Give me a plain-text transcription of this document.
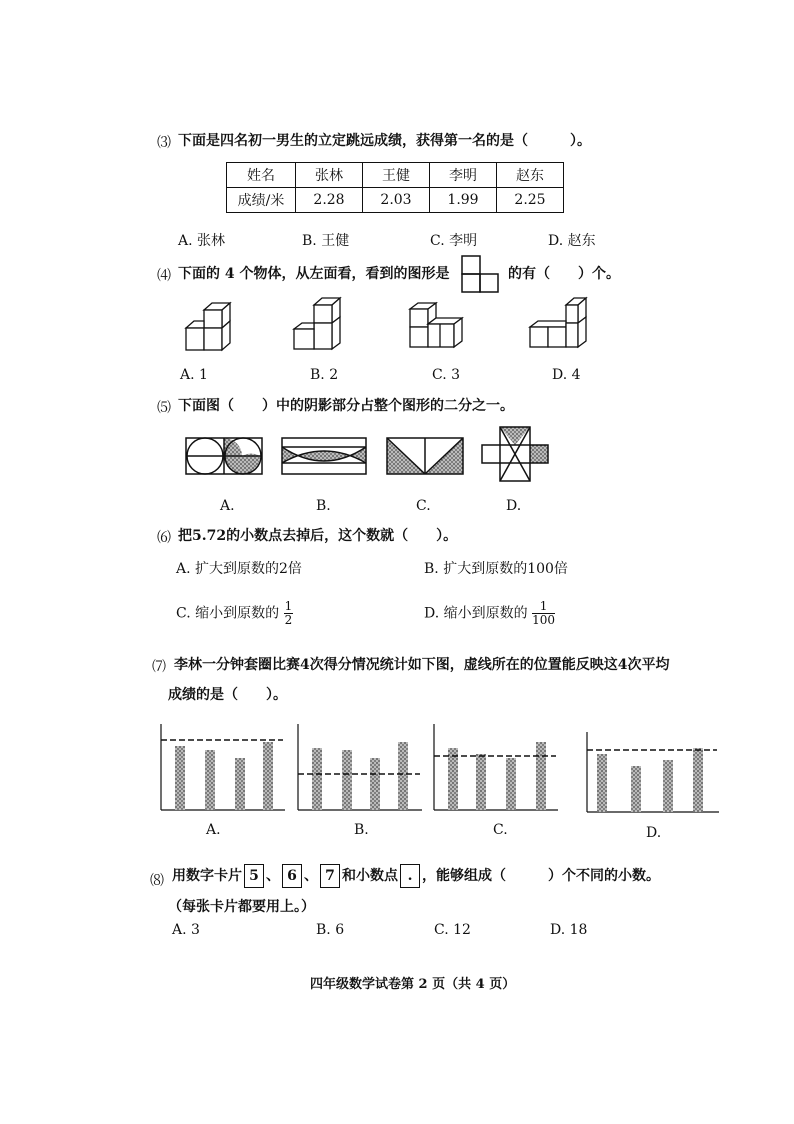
⑶ 下面是四名初一男生的立定跳远成绩，获得第一名的是（　　　）。
姓名	张林	王健	李明	赵东
成绩/米	2.28	2.03	1.99	2.25
A. 张林	B. 王健	C. 李明	D. 赵东
⑷ 下面的 4 个物体，从左面看，看到的图形是	的有（　　）个。
A. 1	B. 2	C. 3	D. 4
⑸ 下面图（　　）中的阴影部分占整个图形的二分之一。
A.	B.	C.	D.
⑹ 把5.72的小数点去掉后，这个数就（　　）。
A. 扩大到原数的2倍	B. 扩大到原数的100倍
C. 缩小到原数的 $\frac{1}{2}$	D. 缩小到原数的 $\frac{1}{100}$
⑺ 李林一分钟套圈比赛4次得分情况统计如下图，虚线所在的位置能反映这4次平均
成绩的是（　　）。
A.	B.	C.	D.
⑻ 用数字卡片 5 、 6 、 7 和小数点 . ，能够组成（　　　）个不同的小数。
（每张卡片都要用上。）
A. 3	B. 6	C. 12	D. 18
四年级数学试卷第 2 页（共 4 页）
